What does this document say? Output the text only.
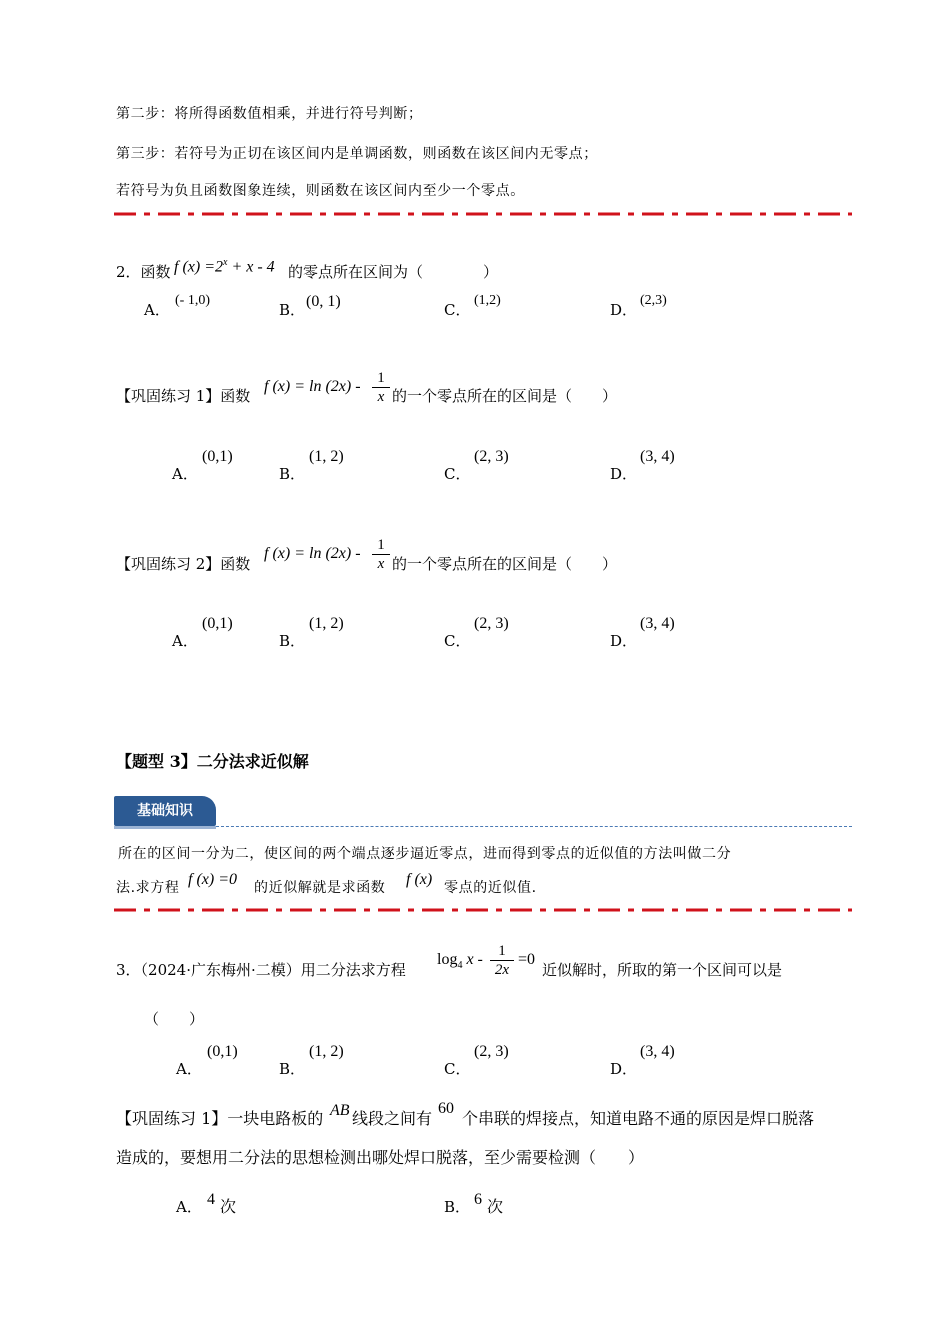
第二步：将所得函数值相乘，并进行符号判断；
第三步：若符号为正切在该区间内是单调函数，则函数在该区间内无零点；
若符号为负且函数图象连续，则函数在该区间内至少一个零点。
2．函数 f $(x) =2^x + x - 4$ 的零点所在区间为（　　　　）
A．
(- 1,0)
B． (0, 1)	C．
(1,2)
D．
(2,3)
【巩固练习 1】函数
f (x) = ln (2x) -	1
x 的一个零点所在的区间是（　　）
A．
(0,1)
B．
(1, 2)
C．
(2, 3)
D．
(3, 4)
【巩固练习 2】函数
f (x) = ln (2x) -	1
x 的一个零点所在的区间是（　　）
A．
(0,1)
B．
(1, 2)
C．
(2, 3)
D．
(3, 4)
【题型 3】二分法求近似解
基础知识
所在的区间一分为二，使区间的两个端点逐步逼近零点，进而得到零点的近似值的方法叫做二分
法.求方程 f (x) =0 的近似解就是求函数 f (x) 零点的近似值.
3．（2024·广东梅州·二模）用二分法求方程
$\log_4 x$ -	1
2x
=0
近似解时，所取的第一个区间可以是
（　　）
A．
(0,1)
B．
(1, 2)
C．
(2, 3)
D．
(3, 4)
【巩固练习 1】一块电路板的 AB 线段之间有
60
个串联的焊接点，知道电路不通的原因是焊口脱落
造成的，要想用二分法的思想检测出哪处焊口脱落，至少需要检测（　　）
A． 4 次	B． 6 次
